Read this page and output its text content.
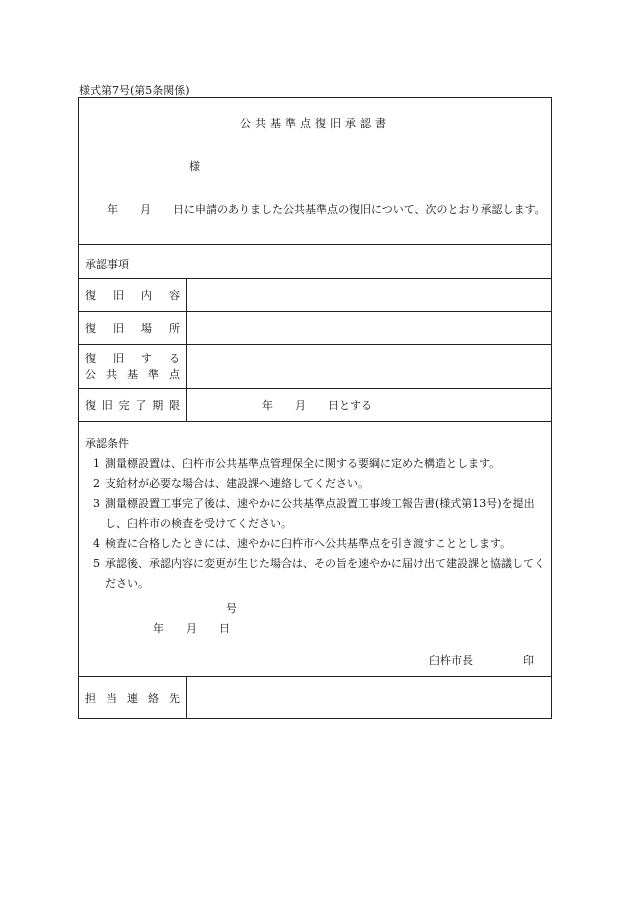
様式第7号(第5条関係)
公共基準点復旧承認書
様
　　年　　月　　日に申請のありました公共基準点の復旧について、次のとおり承認します。
承認事項
復旧内容
復旧場所
復旧する
公共基準点
復旧完了期限	年　　月　　日とする
承認条件
1 測量標設置は、臼杵市公共基準点管理保全に関する要綱に定めた構造とします。
2 支給材が必要な場合は、建設課へ連絡してください。
3 測量標設置工事完了後は、速やかに公共基準点設置工事竣工報告書(様式第13号)を提出し、臼杵市の検査を受けてください。
4 検査に合格したときには、速やかに臼杵市へ公共基準点を引き渡すこととします。
5 承認後、承認内容に変更が生じた場合は、その旨を速やかに届け出て建設課と協議してください。
号
年　　月　　日
臼杵市長	印
担当連絡先
